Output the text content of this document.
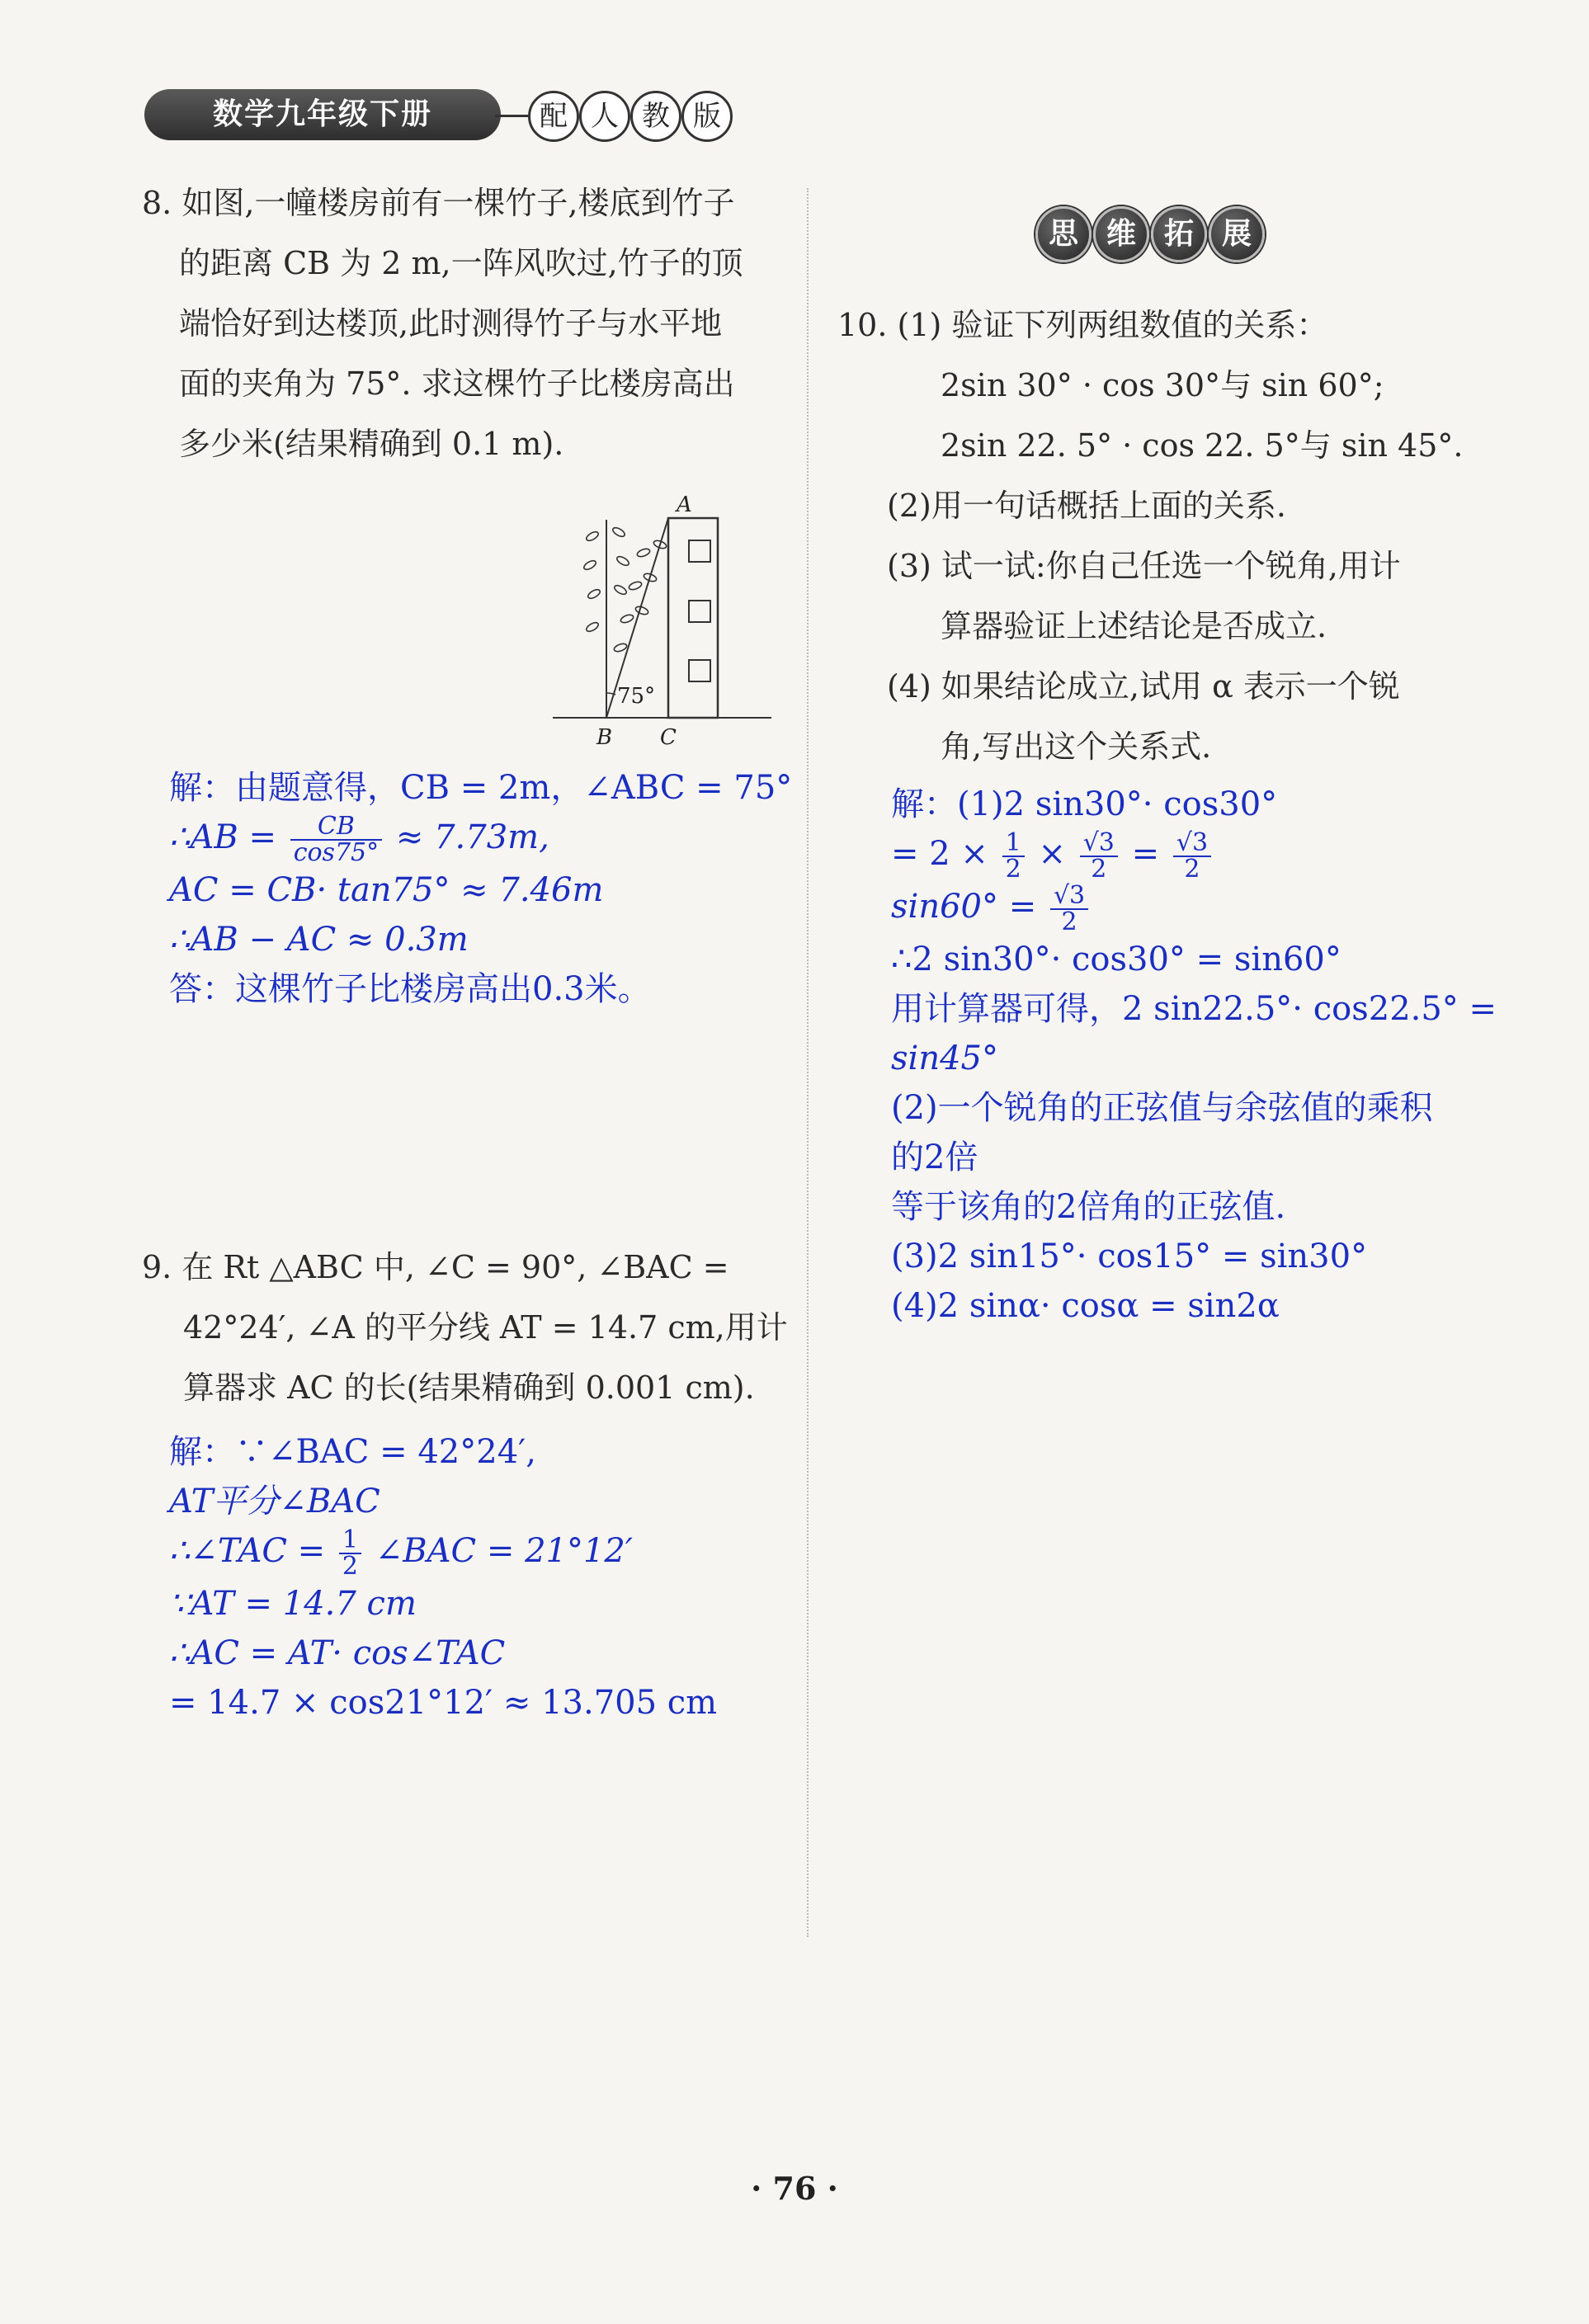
数学九年级下册	配 人 教 版
8. 如图,一幢楼房前有一棵竹子,楼底到竹子
的距离 CB 为 2 m,一阵风吹过,竹子的顶
端恰好到达楼顶,此时测得竹子与水平地
面的夹角为 75°. 求这棵竹子比楼房高出
多少米(结果精确到 0.1 m).
75°
A
B C
解：由题意得，CB = 2m，∠ABC = 75°
∴AB = $\frac{CB}{\cos 75^\circ} \approx 7.73m$,
AC = CB· tan75° ≈ 7.46m
∴AB − AC ≈ 0.3m
答：这棵竹子比楼房高出0.3米。
9. 在 Rt △ABC 中, ∠C = 90°, ∠BAC =
42°24′, ∠A 的平分线 AT = 14.7 cm,用计
算器求 AC 的长(结果精确到 0.001 cm).
解：∵∠BAC = 42°24′,
AT平分∠BAC
∴∠TAC = $\frac{1}{2}$ ∠BAC = 21°12′
∵AT = 14.7 cm
∴AC = AT· cos∠TAC
= 14.7 × cos21°12′ ≈ 13.705 cm
思 维 拓 展
10. (1) 验证下列两组数值的关系：
2sin 30° · cos 30°与 sin 60°;
2sin 22. 5° · cos 22. 5°与 sin 45°.
(2)用一句话概括上面的关系.
(3) 试一试:你自己任选一个锐角,用计
算器验证上述结论是否成立.
(4) 如果结论成立,试用 α 表示一个锐
角,写出这个关系式.
解：(1)2 sin30°· cos30°
= $2 \times \frac{1}{2} \times \frac{√3}{2} = \frac{√3}{2}$
$\sin 60^\circ = \frac{√3}{2}$
∴2 sin30°· cos30° = sin60°
用计算器可得，2 sin22.5°· cos22.5° =
sin45°
(2)一个锐角的正弦值与余弦值的乘积
的2倍
等于该角的2倍角的正弦值.
(3)2 sin15°· cos15° = sin30°
(4)2 sinα· cosα = sin2α
· 76 ·
